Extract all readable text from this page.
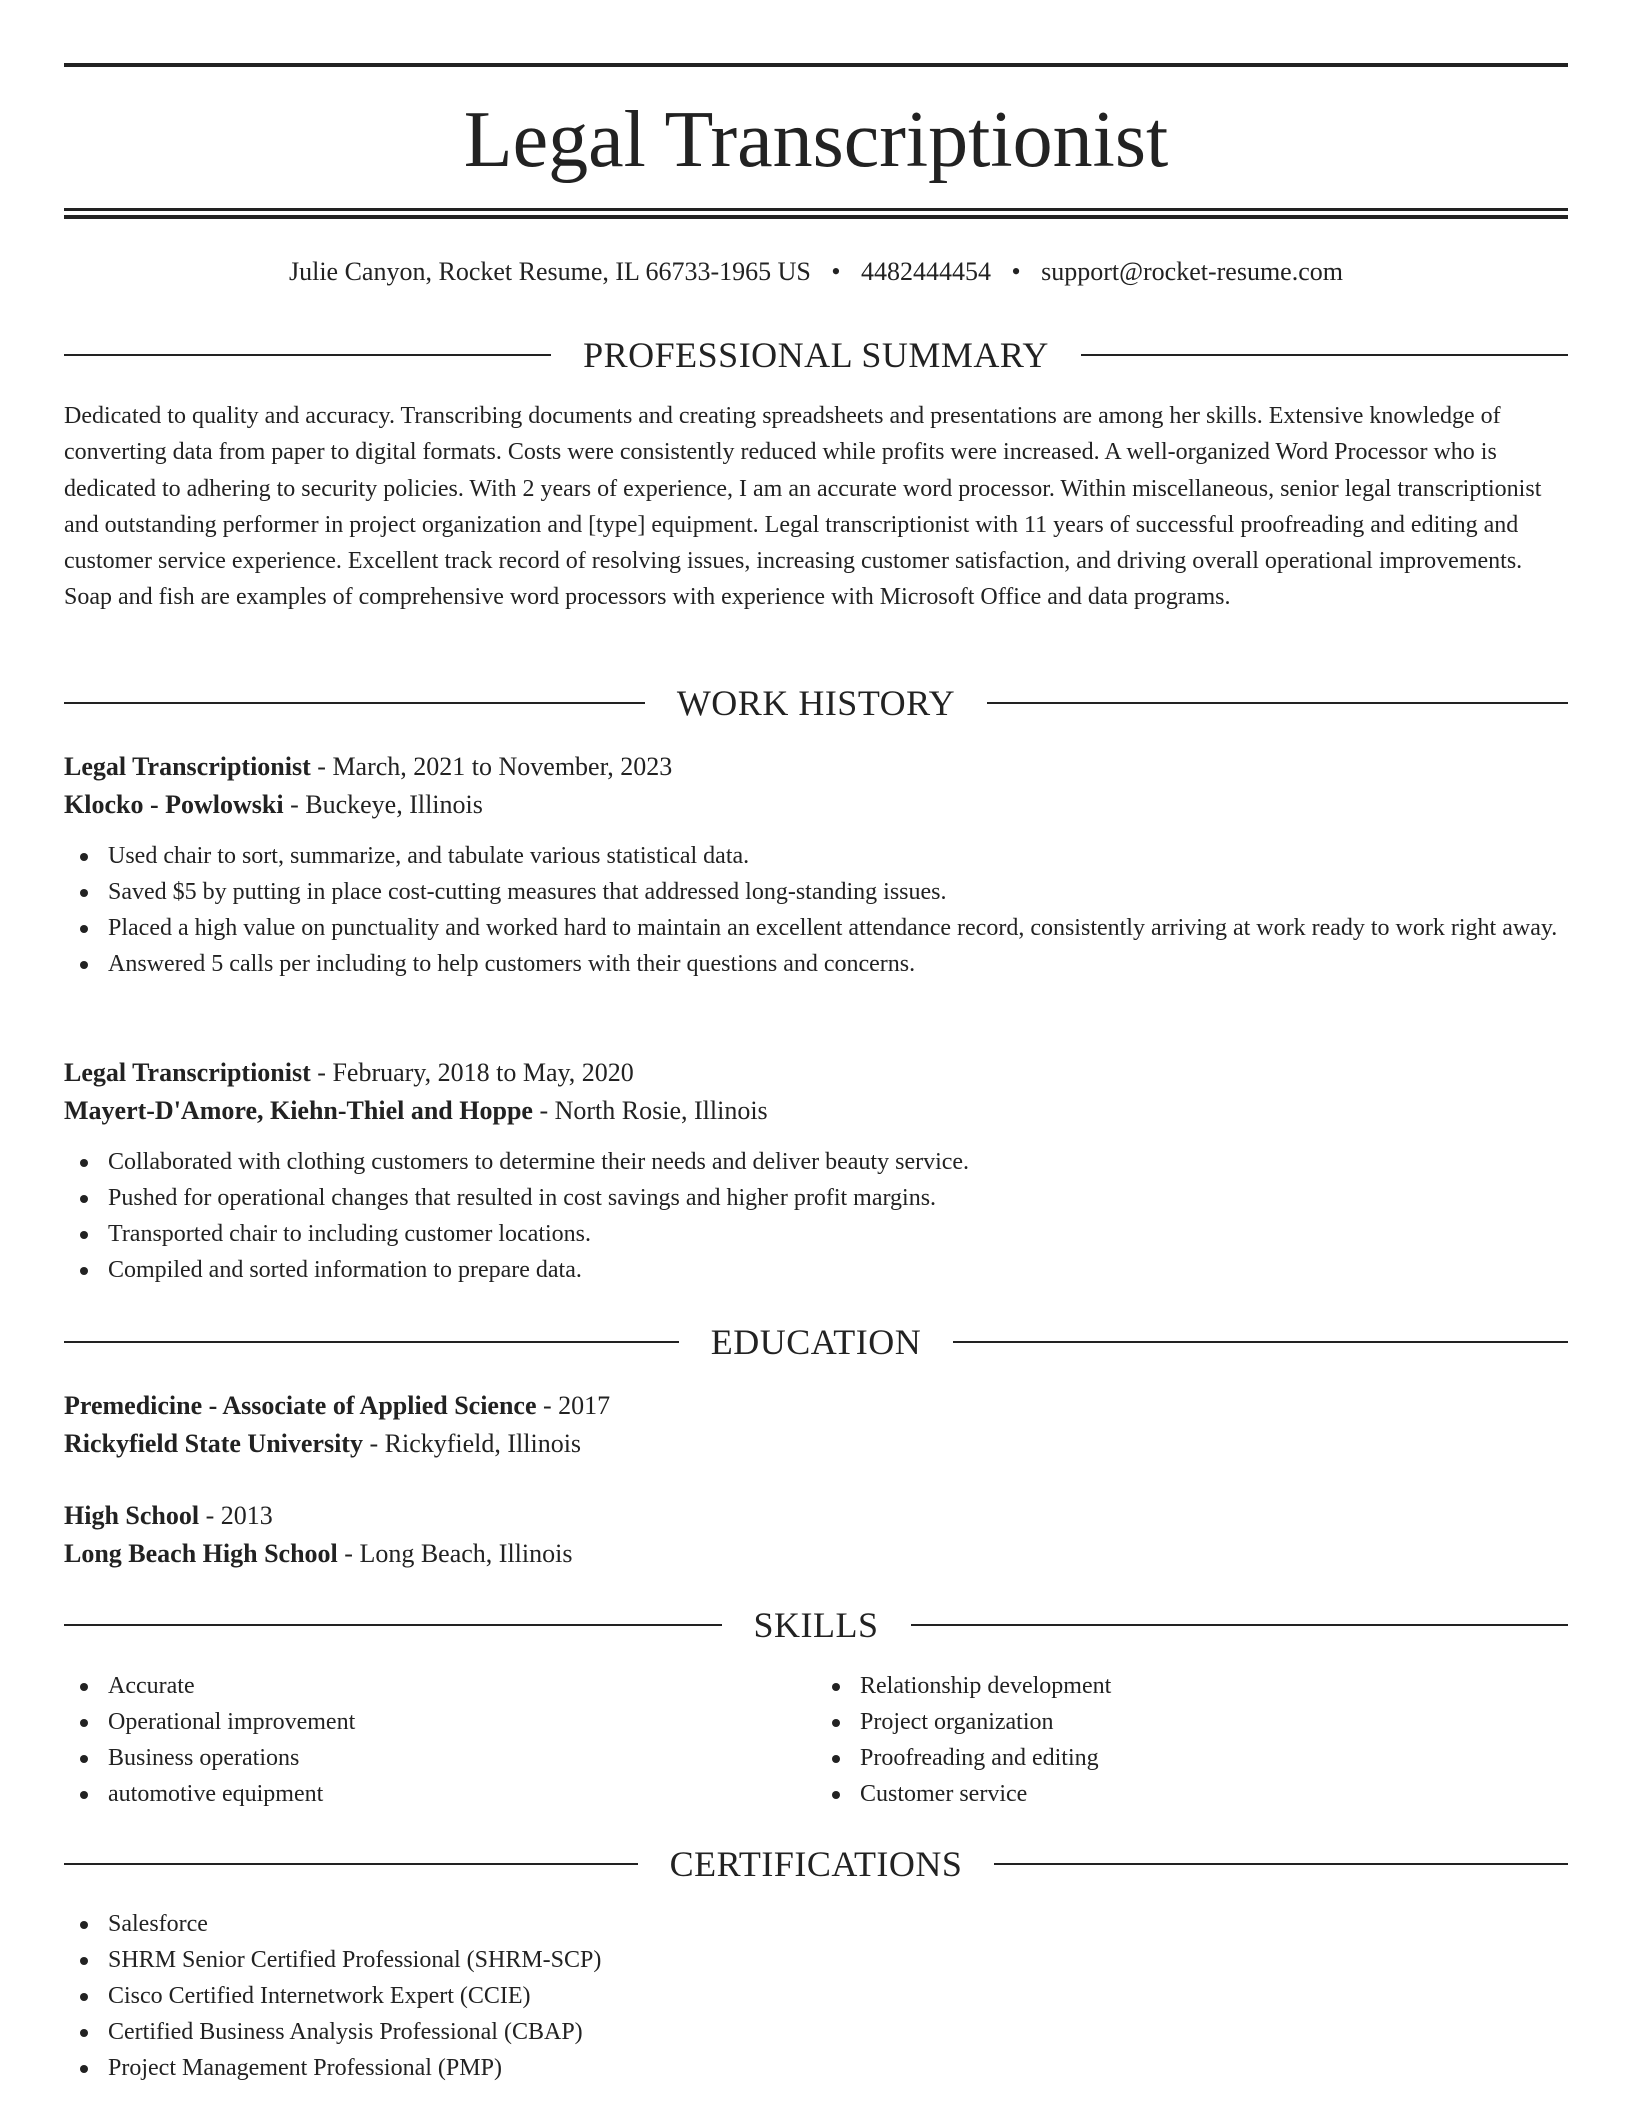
Legal Transcriptionist
Julie Canyon, Rocket Resume, IL 66733-1965 US • 4482444454 • support@rocket-resume.com
PROFESSIONAL SUMMARY

Dedicated to quality and accuracy. Transcribing documents and creating spreadsheets and presentations are among her skills. Extensive knowledge of converting data from paper to digital formats. Costs were consistently reduced while profits were increased. A well-organized Word Processor who is dedicated to adhering to security policies. With 2 years of experience, I am an accurate word processor. Within miscellaneous, senior legal transcriptionist and outstanding performer in project organization and [type] equipment. Legal transcriptionist with 11 years of successful proofreading and editing and customer service experience. Excellent track record of resolving issues, increasing customer satisfaction, and driving overall operational improvements. Soap and fish are examples of comprehensive word processors with experience with Microsoft Office and data programs.

WORK HISTORY
Legal Transcriptionist - March, 2021 to November, 2023
Klocko - Powlowski - Buckeye, Illinois
Used chair to sort, summarize, and tabulate various statistical data.
Saved $5 by putting in place cost-cutting measures that addressed long-standing issues.
Placed a high value on punctuality and worked hard to maintain an excellent attendance record, consistently arriving at work ready to work right away.
Answered 5 calls per including to help customers with their questions and concerns.
Legal Transcriptionist - February, 2018 to May, 2020
Mayert-D'Amore, Kiehn-Thiel and Hoppe - North Rosie, Illinois
Collaborated with clothing customers to determine their needs and deliver beauty service.
Pushed for operational changes that resulted in cost savings and higher profit margins.
Transported chair to including customer locations.
Compiled and sorted information to prepare data.
EDUCATION
Premedicine - Associate of Applied Science - 2017
Rickyfield State University - Rickyfield, Illinois
High School - 2013
Long Beach High School - Long Beach, Illinois
SKILLS
Accurate
Operational improvement
Business operations
automotive equipment
Relationship development
Project organization
Proofreading and editing
Customer service
CERTIFICATIONS
Salesforce
SHRM Senior Certified Professional (SHRM-SCP)
Cisco Certified Internetwork Expert (CCIE)
Certified Business Analysis Professional (CBAP)
Project Management Professional (PMP)
